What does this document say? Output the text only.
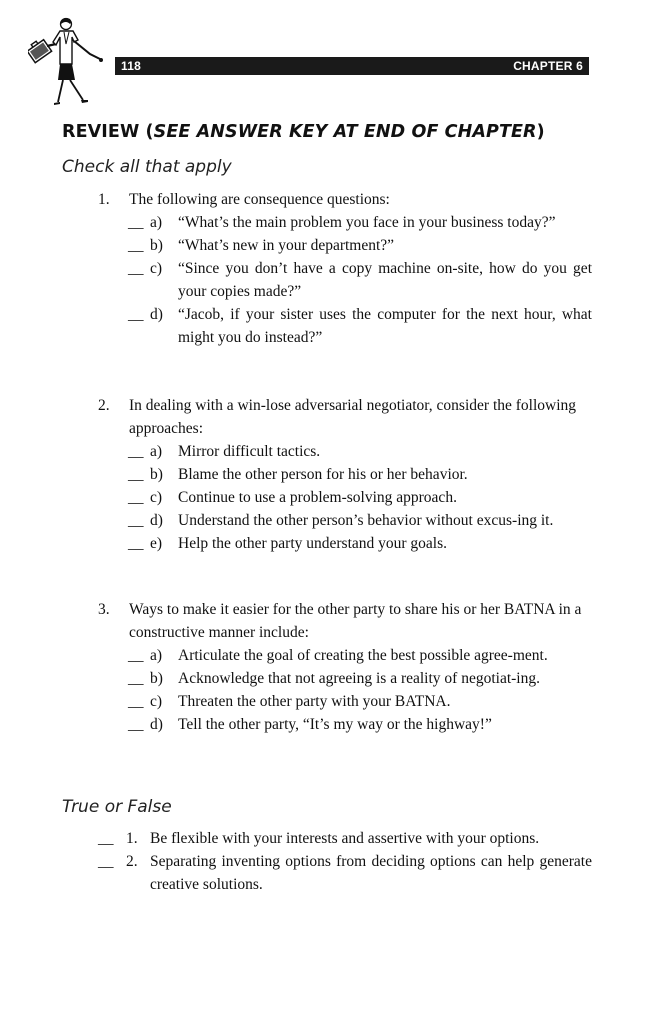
118	CHAPTER 6
REVIEW (SEE ANSWER KEY AT END OF CHAPTER)
Check all that apply
1.	The following are consequence questions:
__ a)	“What’s the main problem you face in your business today?”
__ b) “What’s new in your department?”
__ c)	“Since you don’t have a copy machine on-site, how do you get your copies made?”
__ d) “Jacob, if your sister uses the computer for the next hour, what might you do instead?”
2.	In dealing with a win-lose adversarial negotiator, consider the following approaches:
__ a)	Mirror difficult tactics.
__ b) Blame the other person for his or her behavior.
__ c)	Continue to use a problem-solving approach.
__ d) Understand the other person’s behavior without excus-ing it.
__ e)	Help the other party understand your goals.
3.	Ways to make it easier for the other party to share his or her BATNA in a constructive manner include:
__ a)	Articulate the goal of creating the best possible agree-ment.
__ b) Acknowledge that not agreeing is a reality of negotiat-ing.
__ c)	Threaten the other party with your BATNA.
__ d) Tell the other party, “It’s my way or the highway!”
True or False
__ 1. Be flexible with your interests and assertive with your options.
__ 2. Separating inventing options from deciding options can help generate creative solutions.
